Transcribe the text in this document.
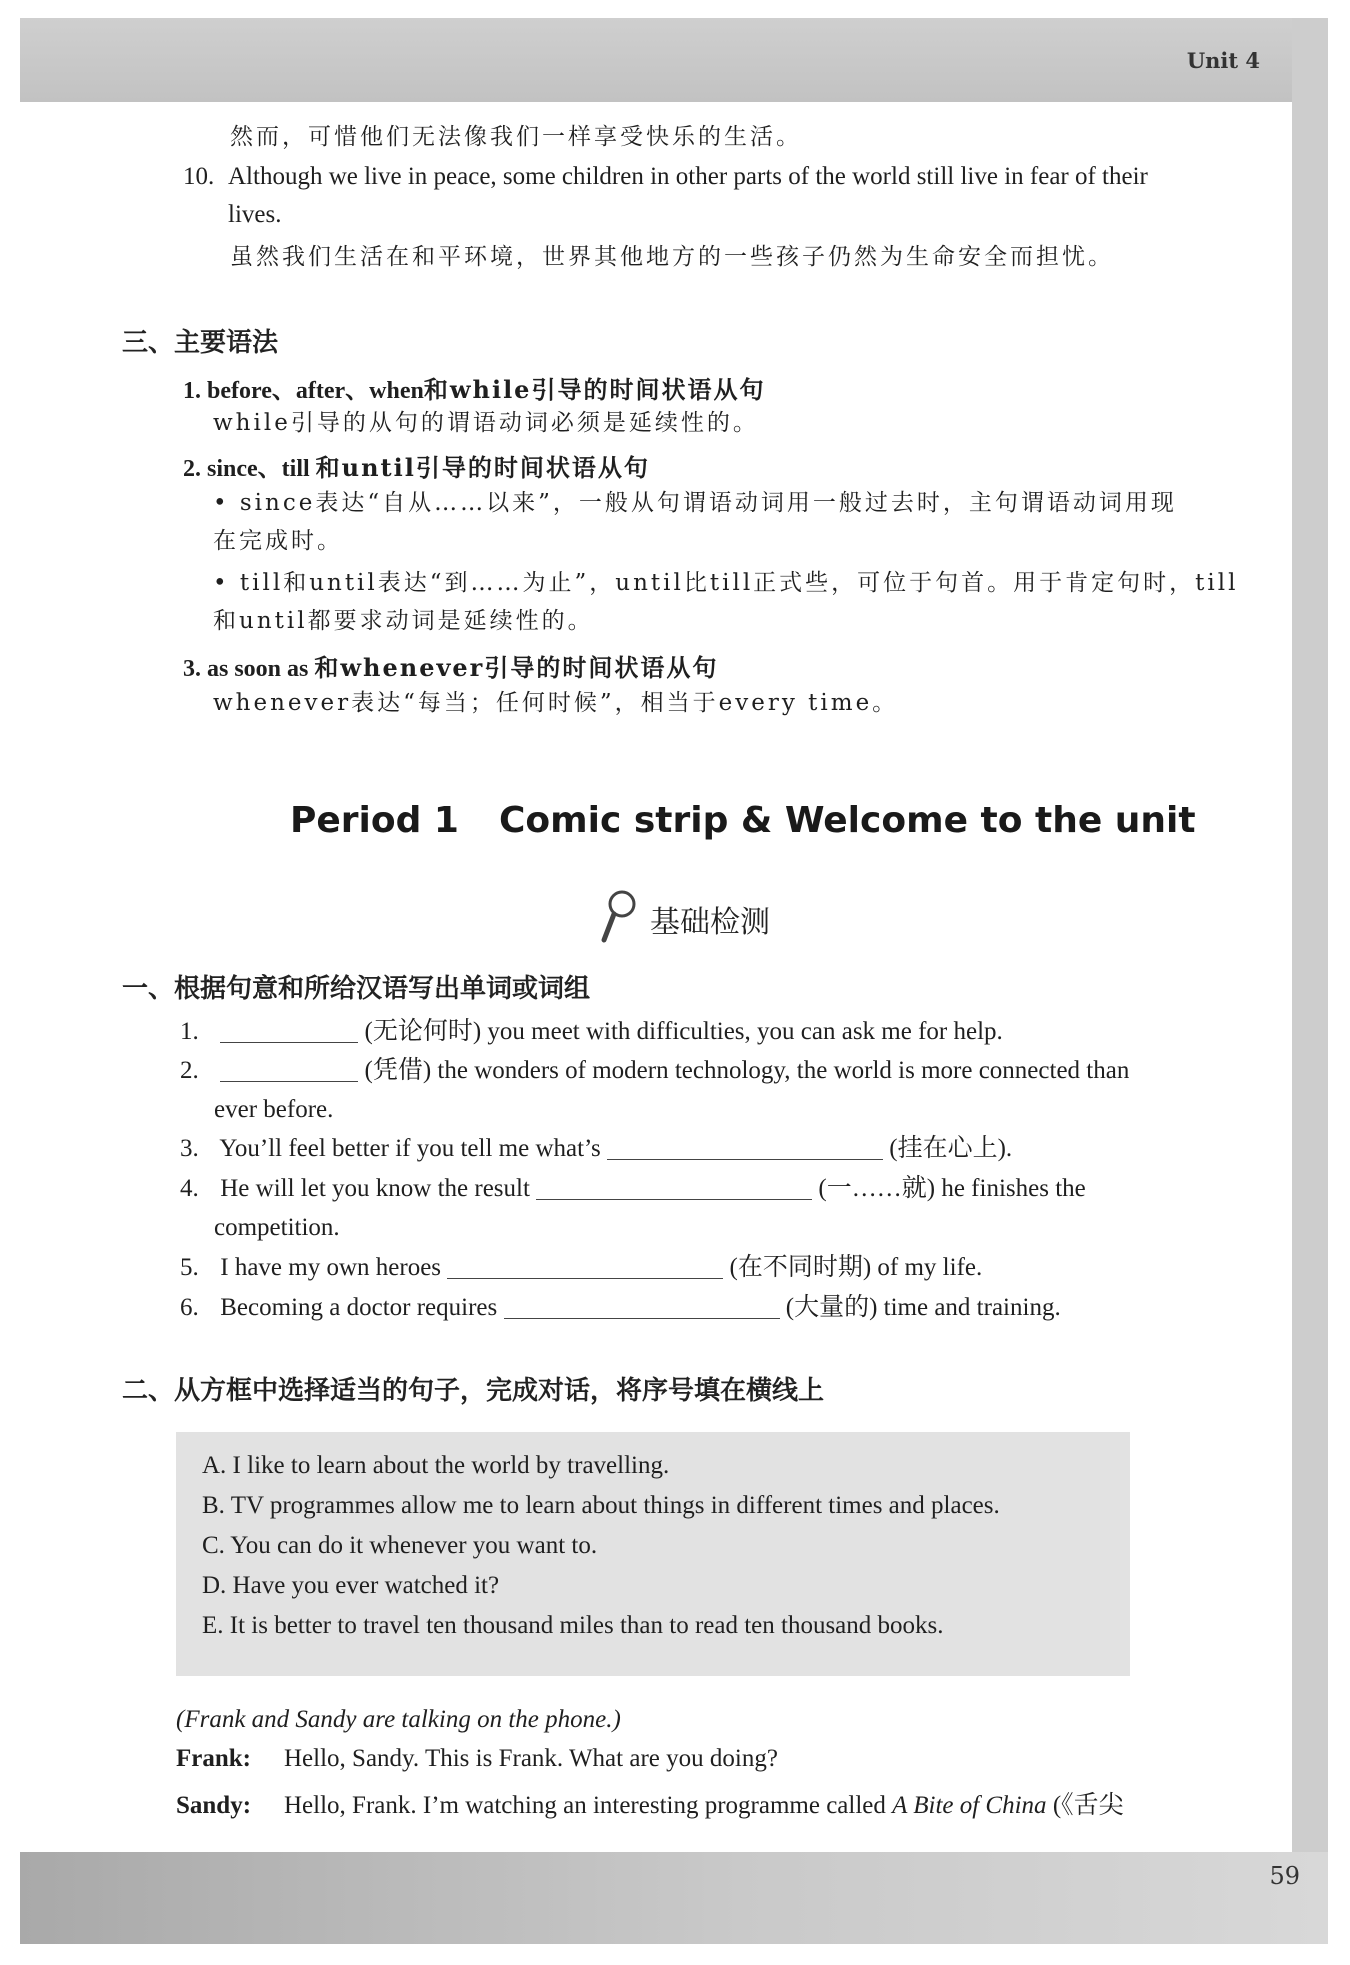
Unit 4
59
然而，可惜他们无法像我们一样享受快乐的生活。
10. Although we live in peace, some children in other parts of the world still live in fear of their
lives.
虽然我们生活在和平环境，世界其他地方的一些孩子仍然为生命安全而担忧。
三、主要语法
1. before、after、when和while引导的时间状语从句
while引导的从句的谓语动词必须是延续性的。
2. since、till 和until引导的时间状语从句
• since表达“自从……以来”，一般从句谓语动词用一般过去时，主句谓语动词用现
在完成时。
• till和until表达“到……为止”，until比till正式些，可位于句首。用于肯定句时，till
和until都要求动词是延续性的。
3. as soon as 和whenever引导的时间状语从句
whenever表达“每当；任何时候”，相当于every time。
Period 1 Comic strip & Welcome to the unit
基础检测
一、根据句意和所给汉语写出单词或词组
1.	(无论何时) you meet with difficulties, you can ask me for help.
2.	(凭借) the wonders of modern technology, the world is more connected than
ever before.
3. You’ll feel better if you tell me what’s	(挂在心上).
4. He will let you know the result	(一……就) he finishes the
competition.
5. I have my own heroes	(在不同时期) of my life.
6. Becoming a doctor requires	(大量的) time and training.
二、从方框中选择适当的句子，完成对话，将序号填在横线上
A. I like to learn about the world by travelling.
B. TV programmes allow me to learn about things in different times and places.
C. You can do it whenever you want to.
D. Have you ever watched it?
E. It is better to travel ten thousand miles than to read ten thousand books.
(Frank and Sandy are talking on the phone.)
Frank: Hello, Sandy. This is Frank. What are you doing?
Sandy: Hello, Frank. I’m watching an interesting programme called A Bite of China (《舌尖
